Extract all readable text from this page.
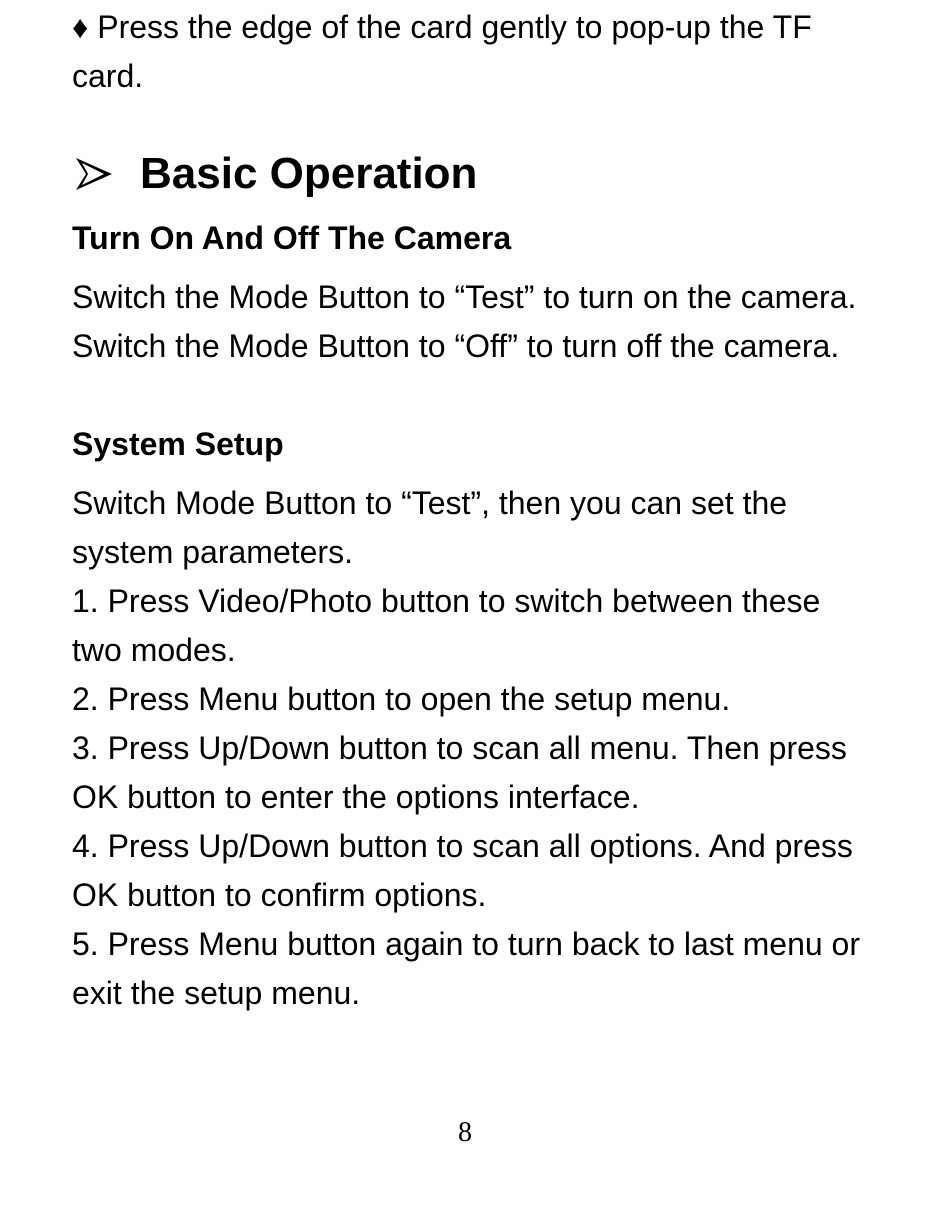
♦ Press the edge of the card gently to pop-up the TF card.

Basic Operation

Turn On And Off The Camera

Switch the Mode Button to “Test” to turn on the camera.

Switch the Mode Button to “Off” to turn off the camera.

System Setup

Switch Mode Button to “Test”, then you can set the system parameters.

1. Press Video/Photo button to switch between these two modes.
2. Press Menu button to open the setup menu.
3. Press Up/Down button to scan all menu. Then press OK button to enter the options interface.
4. Press Up/Down button to scan all options. And press OK button to confirm options.
5. Press Menu button again to turn back to last menu or exit the setup menu.
8
